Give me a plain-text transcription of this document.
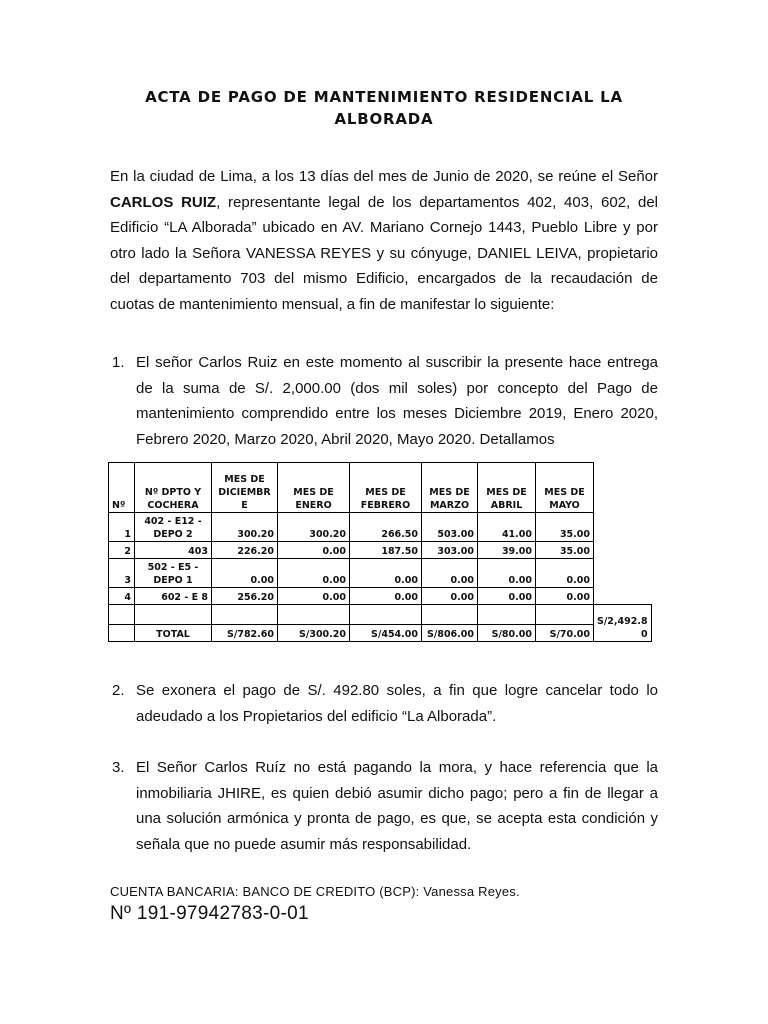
ACTA DE PAGO DE MANTENIMIENTO RESIDENCIAL LA
ALBORADA

En la ciudad de Lima, a los 13 días del mes de Junio de 2020, se reúne el Señor CARLOS RUIZ, representante legal de los departamentos 402, 403, 602, del Edificio “LA Alborada” ubicado en AV. Mariano Cornejo 1443, Pueblo Libre y por otro lado la Señora VANESSA REYES y su cónyuge, DANIEL LEIVA, propietario del departamento 703 del mismo Edificio, encargados de la recaudación de cuotas de mantenimiento mensual, a fin de manifestar lo siguiente:

1. El señor Carlos Ruiz en este momento al suscribir la presente hace entrega de la suma de S/. 2,000.00 (dos mil soles) por concepto del Pago de mantenimiento comprendido entre los meses Diciembre 2019, Enero 2020, Febrero 2020, Marzo 2020, Abril 2020, Mayo 2020. Detallamos
Nº	Nº DPTO Y COCHERA	MES DE DICIEMBR E	MES DE ENERO	MES DE FEBRERO	MES DE MARZO	MES DE ABRIL	MES DE MAYO	
1	402 - E12 - DEPO 2	300.20	300.20	266.50	503.00	41.00	35.00	
2	403	226.20	0.00	187.50	303.00	39.00	35.00	
3	502 - E5 - DEPO 1	0.00	0.00	0.00	0.00	0.00	0.00	
4	602 - E 8	256.20	0.00	0.00	0.00	0.00	0.00	
								S/2,492.8 0
	TOTAL	S/782.60	S/300.20	S/454.00	S/806.00	S/80.00	S/70.00	
2. Se exonera el pago de S/. 492.80 soles, a fin que logre cancelar todo lo adeudado a los Propietarios del edificio “La Alborada”.
3. El Señor Carlos Ruíz no está pagando la mora, y hace referencia que la inmobiliaria JHIRE, es quien debió asumir dicho pago; pero a fin de llegar a una solución armónica y pronta de pago, es que, se acepta esta condición y señala que no puede asumir más responsabilidad.
CUENTA BANCARIA: BANCO DE CREDITO (BCP): Vanessa Reyes.
Nº 191-97942783-0-01
